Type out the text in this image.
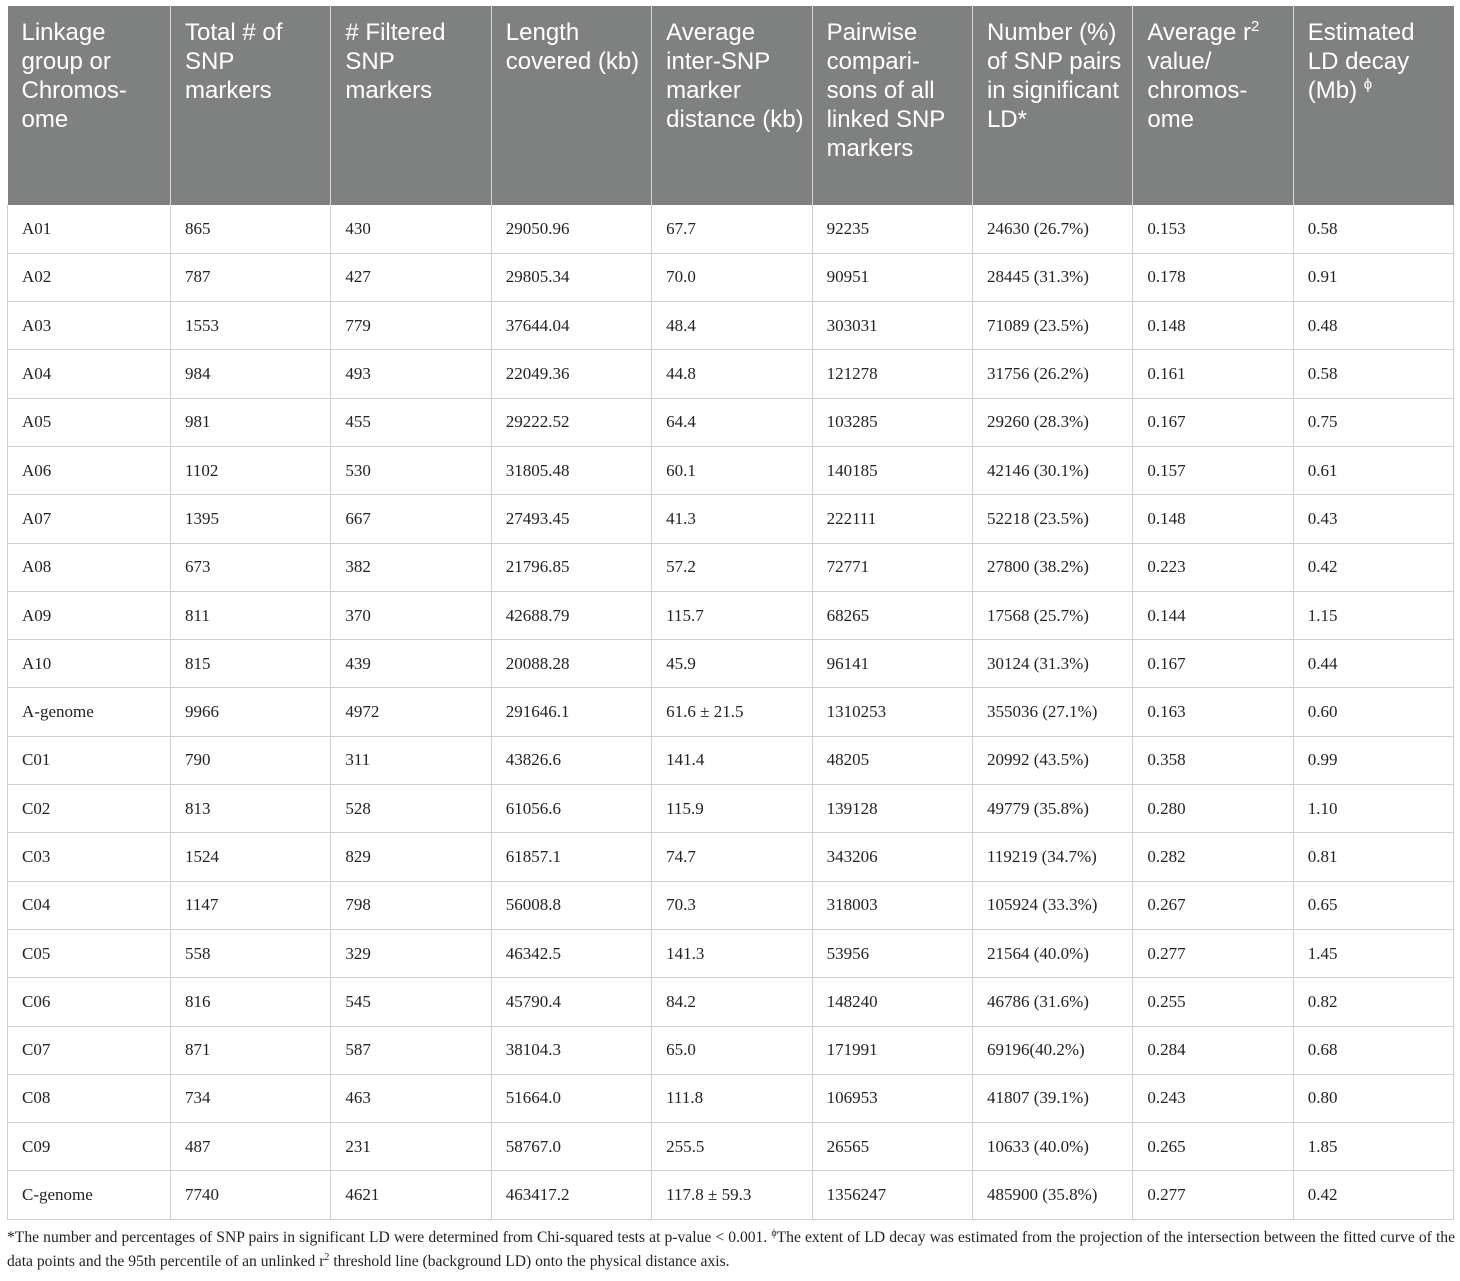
Linkage group or Chromos-ome	Total # of SNP markers	# Filtered SNP markers	Length covered (kb)	Average inter-SNP marker distance (kb)	Pairwise compari-sons of all linked SNP markers	Number (%) of SNP pairs in significant LD*	Average $r^2$ value/ chromos-ome	Estimated LD decay (Mb) $^\phi$
A01	865	430	29050.96	67.7	92235	24630 (26.7%)	0.153	0.58
A02	787	427	29805.34	70.0	90951	28445 (31.3%)	0.178	0.91
A03	1553	779	37644.04	48.4	303031	71089 (23.5%)	0.148	0.48
A04	984	493	22049.36	44.8	121278	31756 (26.2%)	0.161	0.58
A05	981	455	29222.52	64.4	103285	29260 (28.3%)	0.167	0.75
A06	1102	530	31805.48	60.1	140185	42146 (30.1%)	0.157	0.61
A07	1395	667	27493.45	41.3	222111	52218 (23.5%)	0.148	0.43
A08	673	382	21796.85	57.2	72771	27800 (38.2%)	0.223	0.42
A09	811	370	42688.79	115.7	68265	17568 (25.7%)	0.144	1.15
A10	815	439	20088.28	45.9	96141	30124 (31.3%)	0.167	0.44
A-genome	9966	4972	291646.1	61.6 ± 21.5	1310253	355036 (27.1%)	0.163	0.60
C01	790	311	43826.6	141.4	48205	20992 (43.5%)	0.358	0.99
C02	813	528	61056.6	115.9	139128	49779 (35.8%)	0.280	1.10
C03	1524	829	61857.1	74.7	343206	119219 (34.7%)	0.282	0.81
C04	1147	798	56008.8	70.3	318003	105924 (33.3%)	0.267	0.65
C05	558	329	46342.5	141.3	53956	21564 (40.0%)	0.277	1.45
C06	816	545	45790.4	84.2	148240	46786 (31.6%)	0.255	0.82
C07	871	587	38104.3	65.0	171991	69196(40.2%)	0.284	0.68
C08	734	463	51664.0	111.8	106953	41807 (39.1%)	0.243	0.80
C09	487	231	58767.0	255.5	26565	10633 (40.0%)	0.265	1.85
C-genome	7740	4621	463417.2	117.8 ± 59.3	1356247	485900 (35.8%)	0.277	0.42
*The number and percentages of SNP pairs in significant LD were determined from Chi-squared tests at p-value < 0.001. $^\phi$The extent of LD decay was estimated from the projection of the intersection between the fitted curve of the data points and the 95th percentile of an unlinked $r^2$ threshold line (background LD) onto the physical distance axis.
